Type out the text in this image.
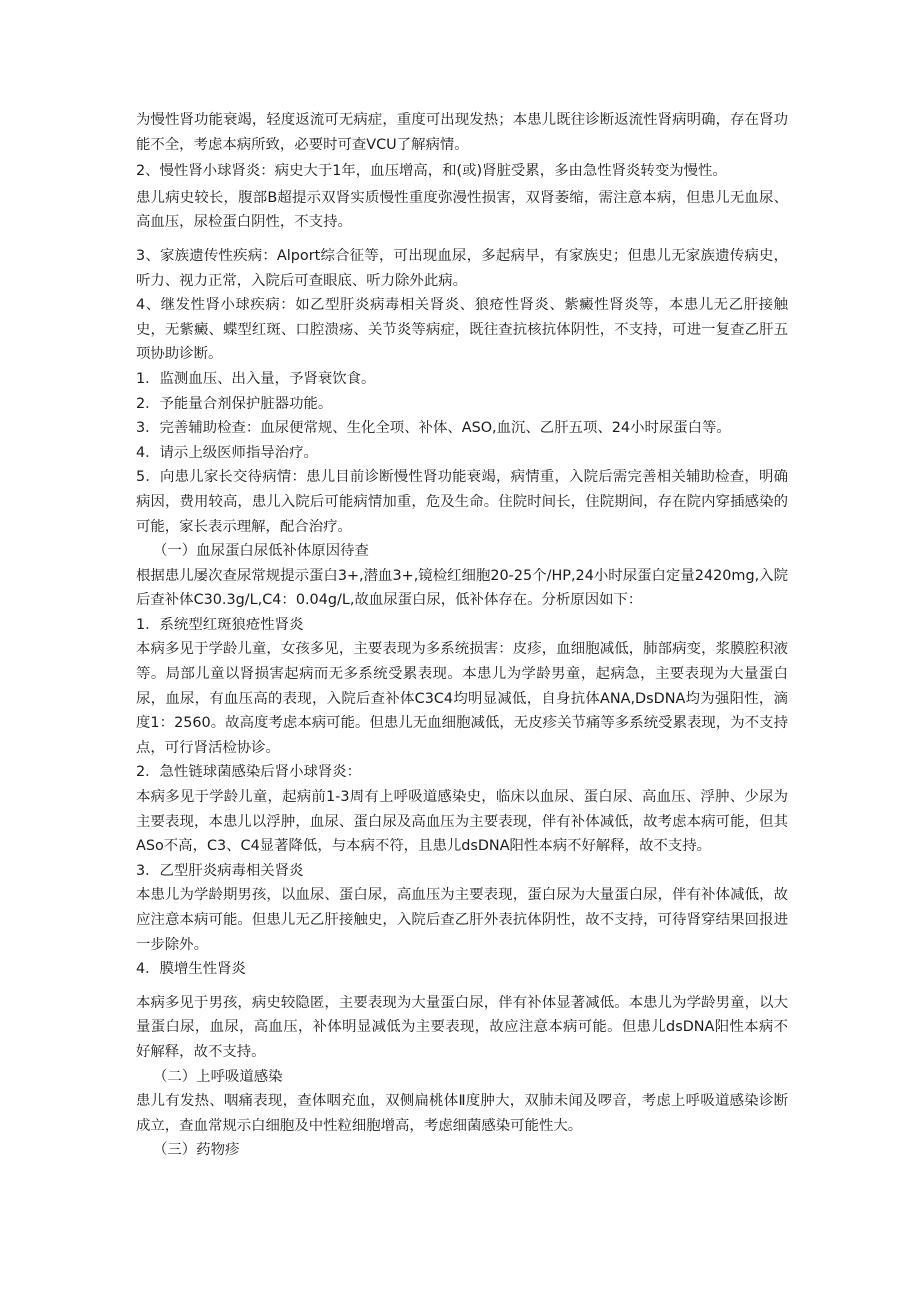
为慢性肾功能衰竭，轻度返流可无病症，重度可出现发热；本患儿既往诊断返流性肾病明确，存在肾功能不全，考虑本病所致，必要时可查VCU了解病情。

2、慢性肾小球肾炎：病史大于1年，血压增高，和(或)肾脏受累，多由急性肾炎转变为慢性。

患儿病史较长，腹部B超提示双肾实质慢性重度弥漫性损害，双肾萎缩，需注意本病，但患儿无血尿、高血压，尿检蛋白阴性，不支持。

3、家族遗传性疾病：Alport综合征等，可出现血尿，多起病早，有家族史；但患儿无家族遗传病史，听力、视力正常，入院后可查眼底、听力除外此病。

4、继发性肾小球疾病：如乙型肝炎病毒相关肾炎、狼疮性肾炎、紫癜性肾炎等，本患儿无乙肝接触史，无紫癜、蝶型红斑、口腔溃疡、关节炎等病症，既往查抗核抗体阴性，不支持，可进一复查乙肝五项协助诊断。

1．监测血压、出入量，予肾衰饮食。

2．予能量合剂保护脏器功能。

3．完善辅助检查：血尿便常规、生化全项、补体、ASO,血沉、乙肝五项、24小时尿蛋白等。

4．请示上级医师指导治疗。

5．向患儿家长交待病情：患儿目前诊断慢性肾功能衰竭，病情重，入院后需完善相关辅助检查，明确病因，费用较高，患儿入院后可能病情加重，危及生命。住院时间长，住院期间，存在院内穿插感染的可能，家长表示理解，配合治疗。

（一）血尿蛋白尿低补体原因待查

根据患儿屡次查尿常规提示蛋白3+,潜血3+,镜检红细胞20-25个/HP,24小时尿蛋白定量2420mg,入院后查补体C30.3g/L,C4：0.04g/L,故血尿蛋白尿，低补体存在。分析原因如下：

1．系统型红斑狼疮性肾炎

本病多见于学龄儿童，女孩多见，主要表现为多系统损害：皮疹，血细胞减低，肺部病变，浆膜腔积液等。局部儿童以肾损害起病而无多系统受累表现。本患儿为学龄男童，起病急，主要表现为大量蛋白尿，血尿，有血压高的表现，入院后查补体C3C4均明显减低，自身抗体ANA,DsDNA均为强阳性，滴度1：2560。故高度考虑本病可能。但患儿无血细胞减低，无皮疹关节痛等多系统受累表现，为不支持点，可行肾活检协诊。

2．急性链球菌感染后肾小球肾炎：

本病多见于学龄儿童，起病前1-3周有上呼吸道感染史，临床以血尿、蛋白尿、高血压、浮肿、少尿为主要表现，本患儿以浮肿，血尿、蛋白尿及高血压为主要表现，伴有补体减低，故考虑本病可能，但其ASo不高，C3、C4显著降低，与本病不符，且患儿dsDNA阳性本病不好解释，故不支持。

3．乙型肝炎病毒相关肾炎

本患儿为学龄期男孩，以血尿、蛋白尿，高血压为主要表现，蛋白尿为大量蛋白尿，伴有补体减低，故应注意本病可能。但患儿无乙肝接触史，入院后查乙肝外表抗体阴性，故不支持，可待肾穿结果回报进一步除外。

4．膜增生性肾炎

本病多见于男孩，病史较隐匿，主要表现为大量蛋白尿，伴有补体显著减低。本患儿为学龄男童，以大量蛋白尿，血尿，高血压，补体明显减低为主要表现，故应注意本病可能。但患儿dsDNA阳性本病不好解释，故不支持。

（二）上呼吸道感染

患儿有发热、咽痛表现，查体咽充血，双侧扁桃体Ⅱ度肿大，双肺未闻及啰音，考虑上呼吸道感染诊断成立，查血常规示白细胞及中性粒细胞增高，考虑细菌感染可能性大。

（三）药物疹
